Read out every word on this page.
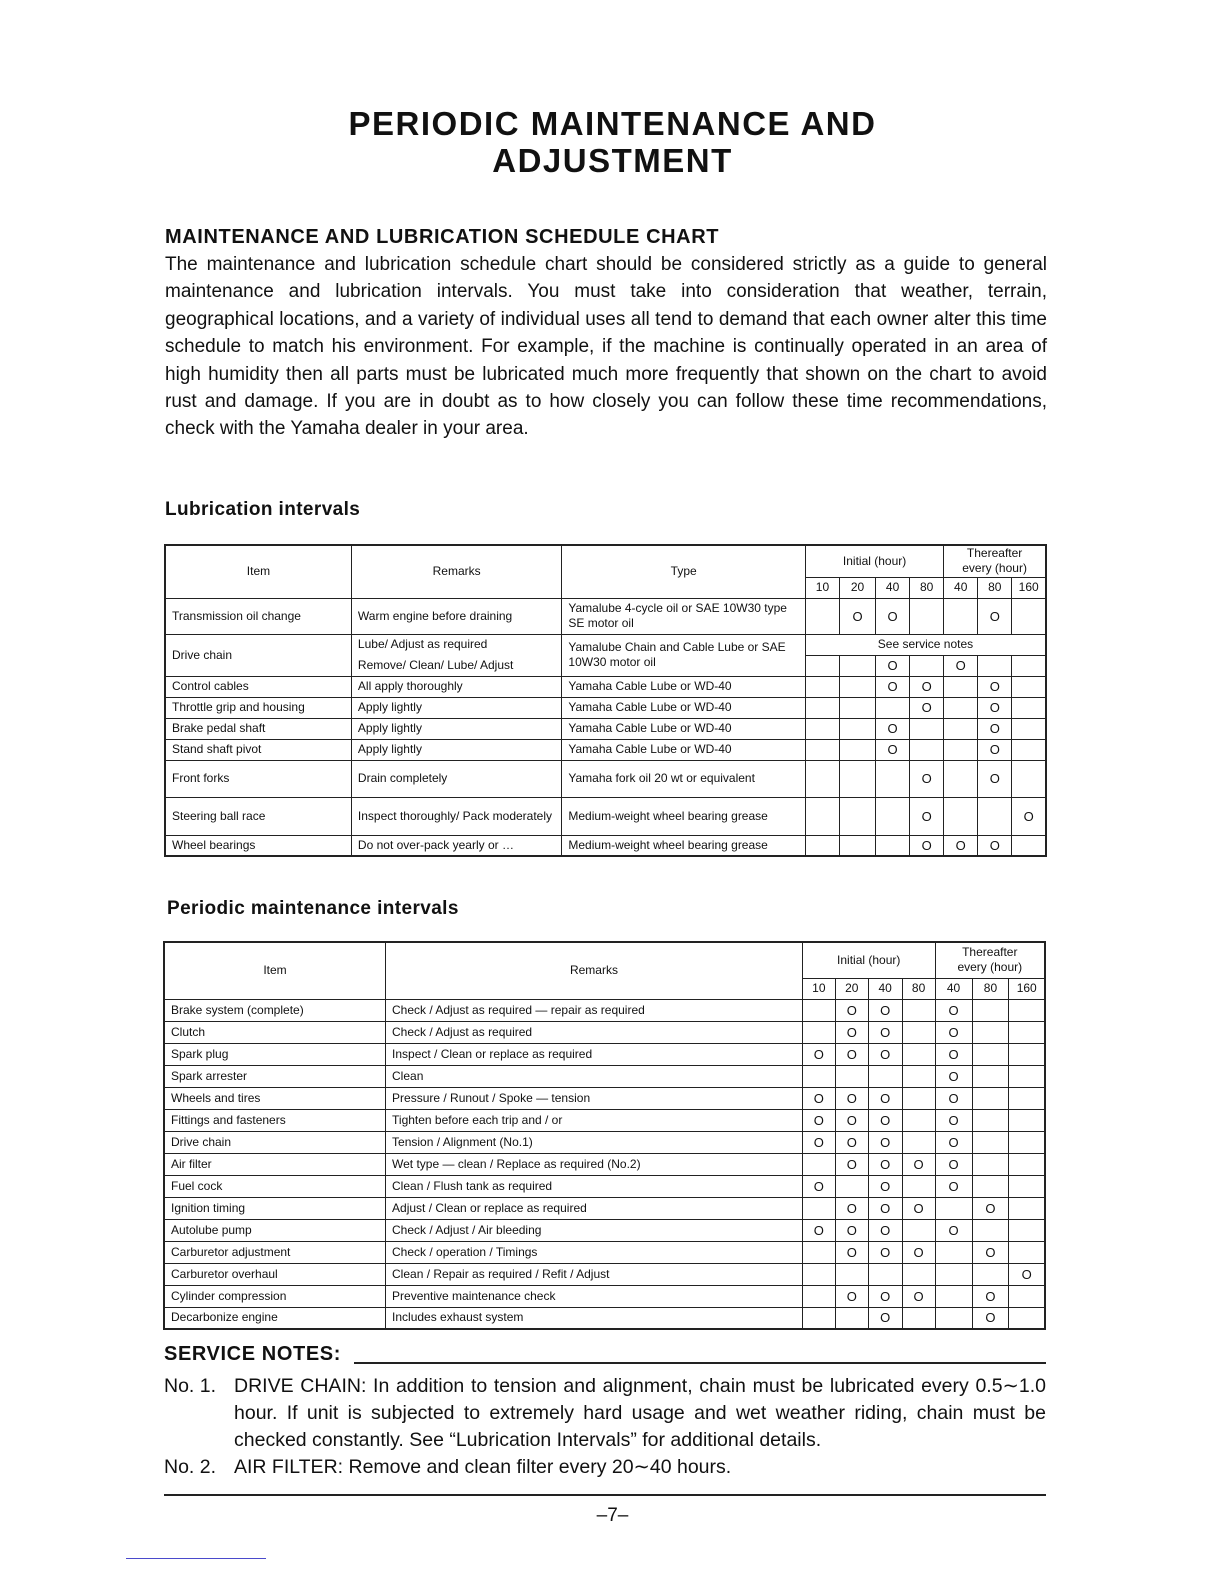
PERIODIC MAINTENANCE AND
ADJUSTMENT
MAINTENANCE AND LUBRICATION SCHEDULE CHART

The maintenance and lubrication schedule chart should be considered strictly as a guide to general maintenance and lubrication intervals. You must take into consideration that weather, terrain, geographical locations, and a variety of individual uses all tend to demand that each owner alter this time schedule to match his environment. For example, if the machine is continually operated in an area of high humidity then all parts must be lubricated much more frequently that shown on the chart to avoid rust and damage. If you are in doubt as to how closely you can follow these time recommendations, check with the Yamaha dealer in your area.

Lubrication intervals
Item	Remarks	Type	Initial (hour)				Thereafter
every (hour)		
			10	20	40	80	40	80	160
Transmission oil change	Warm engine before draining	Yamalube 4-cycle oil or SAE 10W30 type SE motor oil		O	O			O	
Drive chain	Lube/ Adjust as required	Yamalube Chain and Cable Lube or SAE 10W30 motor oil	See service notes						
	Remove/ Clean/ Lube/ Adjust				O		O		
Control cables	All apply thoroughly	Yamaha Cable Lube or WD-40			O	O		O	
Throttle grip and housing	Apply lightly	Yamaha Cable Lube or WD-40				O		O	
Brake pedal shaft	Apply lightly	Yamaha Cable Lube or WD-40			O			O	
Stand shaft pivot	Apply lightly	Yamaha Cable Lube or WD-40			O			O	
Front forks	Drain completely	Yamaha fork oil 20 wt or equivalent				O		O	
Steering ball race	Inspect thoroughly/ Pack moderately	Medium-weight wheel bearing grease				O			O
Wheel bearings	Do not over-pack yearly or …	Medium-weight wheel bearing grease				O	O	O	
Periodic maintenance intervals
Item	Remarks	Initial (hour)				Thereafter
every (hour)		
		10	20	40	80	40	80	160
Brake system (complete)	Check / Adjust as required — repair as required		O	O		O		
Clutch	Check / Adjust as required		O	O		O		
Spark plug	Inspect / Clean or replace as required	O	O	O		O		
Spark arrester	Clean					O		
Wheels and tires	Pressure / Runout / Spoke — tension	O	O	O		O		
Fittings and fasteners	Tighten before each trip and / or	O	O	O		O		
Drive chain	Tension / Alignment (No.1)	O	O	O		O		
Air filter	Wet type — clean / Replace as required (No.2)		O	O	O	O		
Fuel cock	Clean / Flush tank as required	O		O		O		
Ignition timing	Adjust / Clean or replace as required		O	O	O		O	
Autolube pump	Check / Adjust / Air bleeding	O	O	O		O		
Carburetor adjustment	Check / operation / Timings		O	O	O		O	
Carburetor overhaul	Clean / Repair as required / Refit / Adjust							O
Cylinder compression	Preventive maintenance check		O	O	O		O	
Decarbonize engine	Includes exhaust system			O			O	
SERVICE NOTES:
No. 1. DRIVE CHAIN: In addition to tension and alignment, chain must be lubricated every 0.5∼1.0 hour. If unit is subjected to extremely hard usage and wet weather riding, chain must be checked constantly. See “Lubrication Intervals” for additional details.
No. 2. AIR FILTER: Remove and clean filter every 20∼40 hours.
–7–
